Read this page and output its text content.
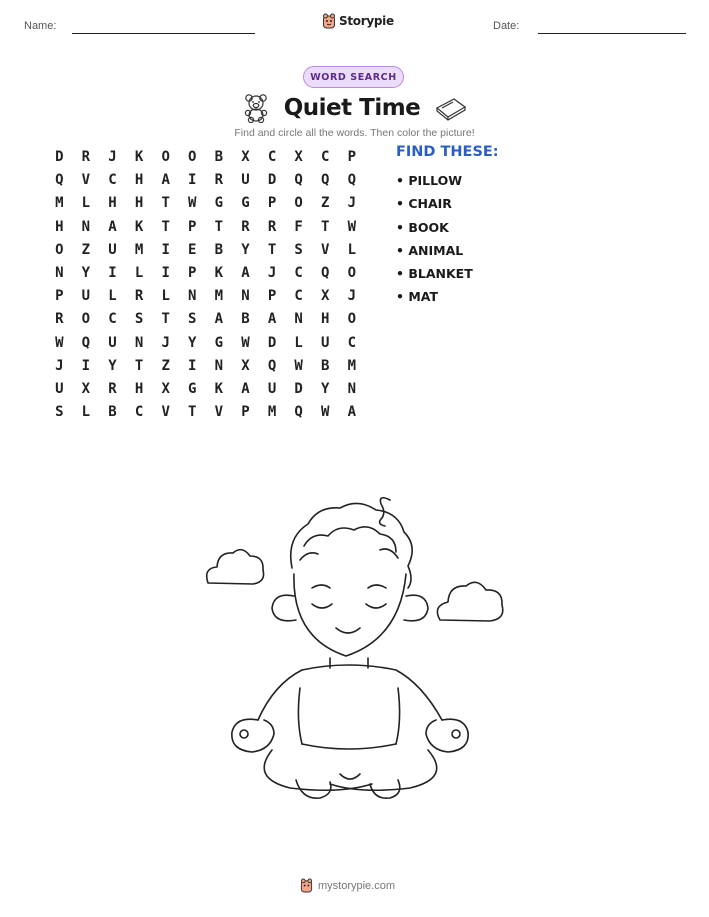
Name:	Storypie	Date:
WORD SEARCH
Quiet Time
Find and circle all the words. Then color the picture!
D	R	J	K	O	O	B	X	C	X	C	P
Q	V	C	H	A	I	R	U	D	Q	Q	Q
M	L	H	H	T	W	G	G	P	O	Z	J
H	N	A	K	T	P	T	R	R	F	T	W
O	Z	U	M	I	E	B	Y	T	S	V	L
N	Y	I	L	I	P	K	A	J	C	Q	O
P	U	L	R	L	N	M	N	P	C	X	J
R	O	C	S	T	S	A	B	A	N	H	O
W	Q	U	N	J	Y	G	W	D	L	U	C
J	I	Y	T	Z	I	N	X	Q	W	B	M
U	X	R	H	X	G	K	A	U	D	Y	N
S	L	B	C	V	T	V	P	M	Q	W	A
FIND THESE:
• PILLOW
• CHAIR
• BOOK
• ANIMAL
• BLANKET
• MAT
mystorypie.com
